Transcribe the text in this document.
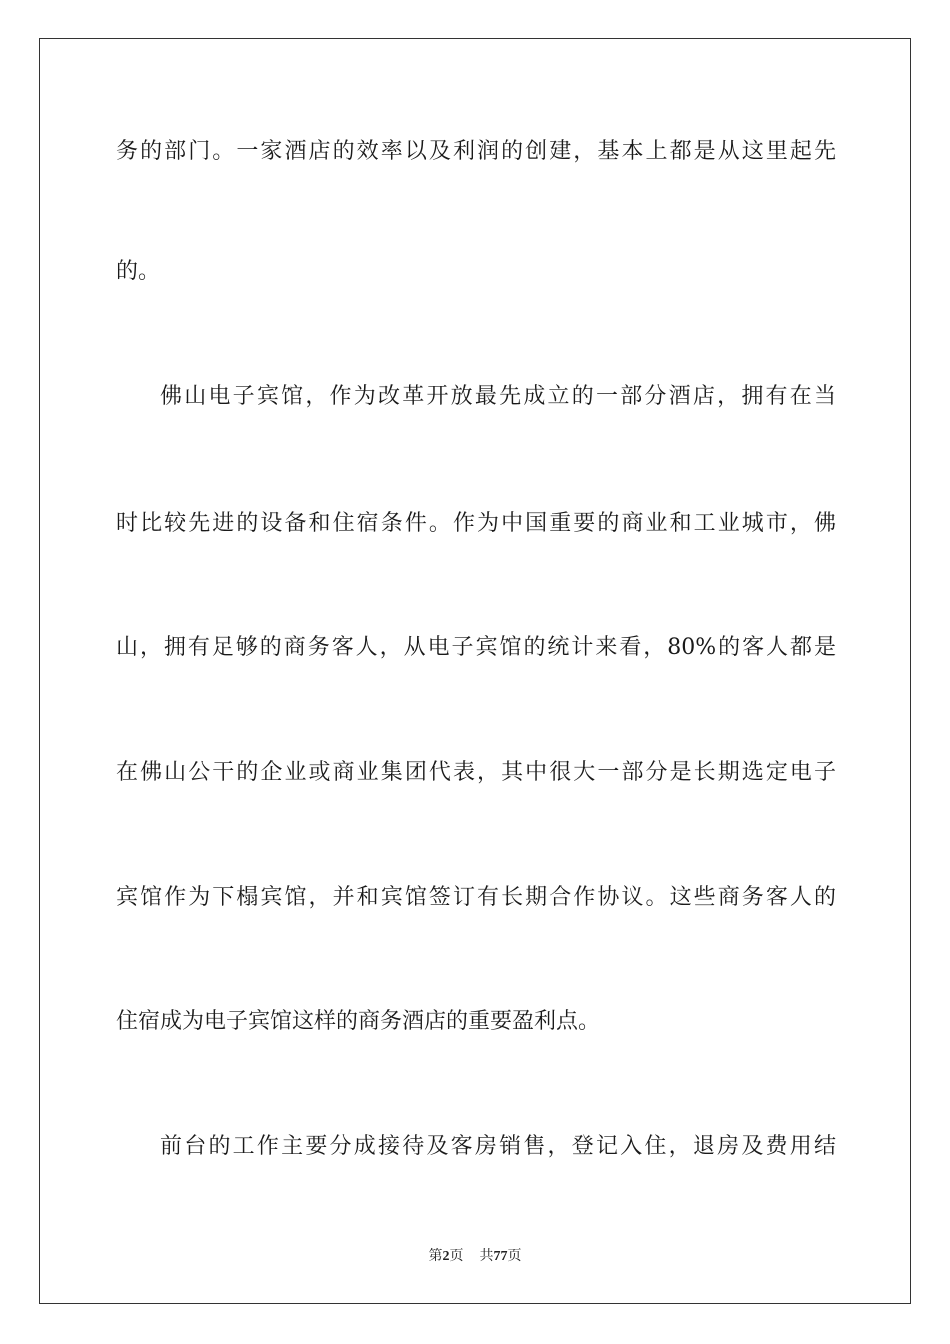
务的部门。一家酒店的效率以及利润的创建，基本上都是从这里起先
的。
佛山电子宾馆，作为改革开放最先成立的一部分酒店，拥有在当
时比较先进的设备和住宿条件。作为中国重要的商业和工业城市，佛
山，拥有足够的商务客人，从电子宾馆的统计来看，80%的客人都是
在佛山公干的企业或商业集团代表，其中很大一部分是长期选定电子
宾馆作为下榻宾馆，并和宾馆签订有长期合作协议。这些商务客人的
住宿成为电子宾馆这样的商务酒店的重要盈利点。
前台的工作主要分成接待及客房销售，登记入住，退房及费用结
第2页 共77页
